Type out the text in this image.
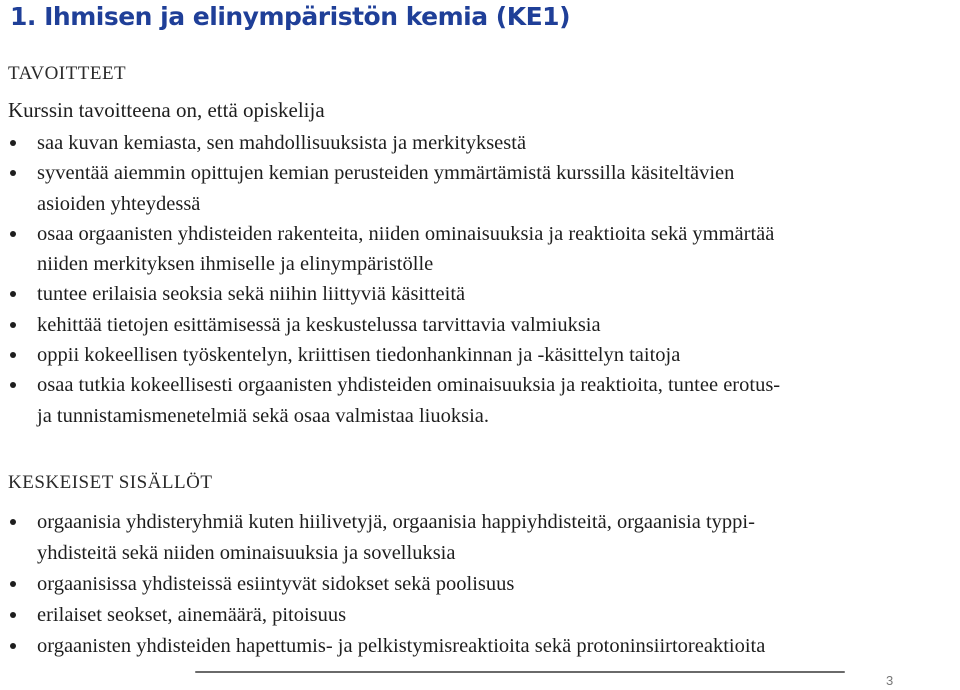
1. Ihmisen ja elinympäristön kemia (KE1)
TAVOITTEET

Kurssin tavoitteena on, että opiskelija

saa kuvan kemiasta, sen mahdollisuuksista ja merkityksestä
syventää aiemmin opittujen kemian perusteiden ymmärtämistä kurssilla käsiteltävien
asioiden yhteydessä
osaa orgaanisten yhdisteiden rakenteita, niiden ominaisuuksia ja reaktioita sekä ymmärtää
niiden merkityksen ihmiselle ja elinympäristölle
tuntee erilaisia seoksia sekä niihin liittyviä käsitteitä
kehittää tietojen esittämisessä ja keskustelussa tarvittavia valmiuksia
oppii kokeellisen työskentelyn, kriittisen tiedonhankinnan ja -käsittelyn taitoja
osaa tutkia kokeellisesti orgaanisten yhdisteiden ominaisuuksia ja reaktioita, tuntee erotus-
ja tunnistamismenetelmiä sekä osaa valmistaa liuoksia.
KESKEISET SISÄLLÖT
orgaanisia yhdisteryhmiä kuten hiilivetyjä, orgaanisia happiyhdisteitä, orgaanisia typpi-
yhdisteitä sekä niiden ominaisuuksia ja sovelluksia
orgaanisissa yhdisteissä esiintyvät sidokset sekä poolisuus
erilaiset seokset, ainemäärä, pitoisuus
orgaanisten yhdisteiden hapettumis- ja pelkistymisreaktioita sekä protoninsiirtoreaktioita
3
